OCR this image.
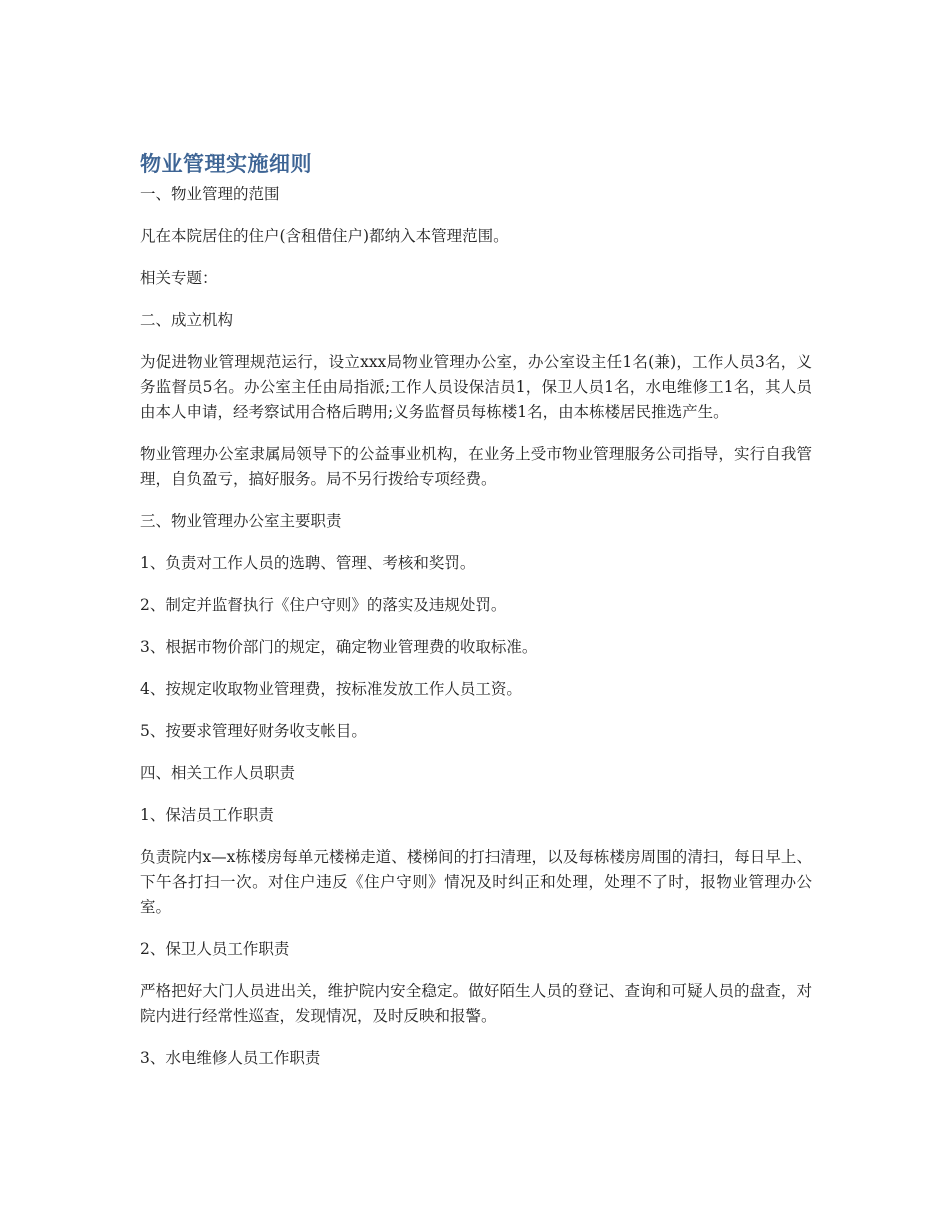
物业管理实施细则

一、物业管理的范围

凡在本院居住的住户(含租借住户)都纳入本管理范围。

相关专题：

二、成立机构

为促进物业管理规范运行，设立xxx局物业管理办公室，办公室设主任1名(兼)，工作人员3名，义务监督员5名。办公室主任由局指派;工作人员设保洁员1，保卫人员1名，水电维修工1名，其人员由本人申请，经考察试用合格后聘用;义务监督员每栋楼1名，由本栋楼居民推选产生。

物业管理办公室隶属局领导下的公益事业机构，在业务上受市物业管理服务公司指导，实行自我管理，自负盈亏，搞好服务。局不另行拨给专项经费。

三、物业管理办公室主要职责

1、负责对工作人员的选聘、管理、考核和奖罚。

2、制定并监督执行《住户守则》的落实及违规处罚。

3、根据市物价部门的规定，确定物业管理费的收取标准。

4、按规定收取物业管理费，按标准发放工作人员工资。

5、按要求管理好财务收支帐目。

四、相关工作人员职责

1、保洁员工作职责

负责院内x—x栋楼房每单元楼梯走道、楼梯间的打扫清理，以及每栋楼房周围的清扫，每日早上、下午各打扫一次。对住户违反《住户守则》情况及时纠正和处理，处理不了时，报物业管理办公室。

2、保卫人员工作职责

严格把好大门人员进出关，维护院内安全稳定。做好陌生人员的登记、查询和可疑人员的盘查，对院内进行经常性巡查，发现情况，及时反映和报警。

3、水电维修人员工作职责
